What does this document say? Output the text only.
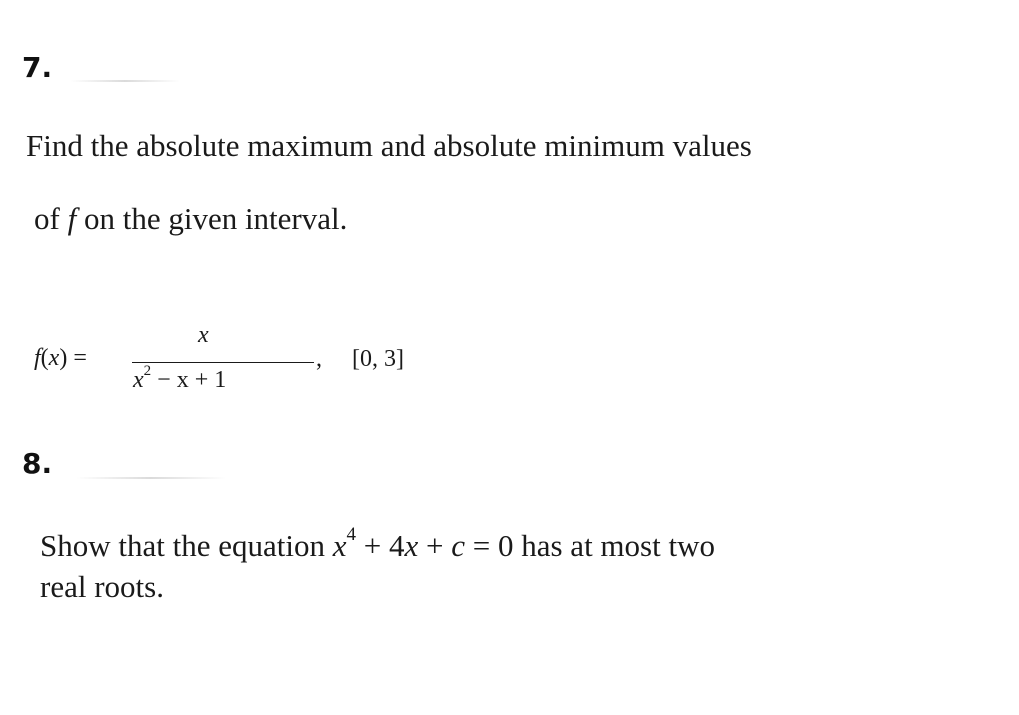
7.
Find the absolute maximum and absolute minimum values
of f on the given interval.
f(x) =
x
$x^2 - x + 1$
, [0, 3]
8.
Show that the equation $x^4 + 4x + c = 0$ has at most two
real roots.
